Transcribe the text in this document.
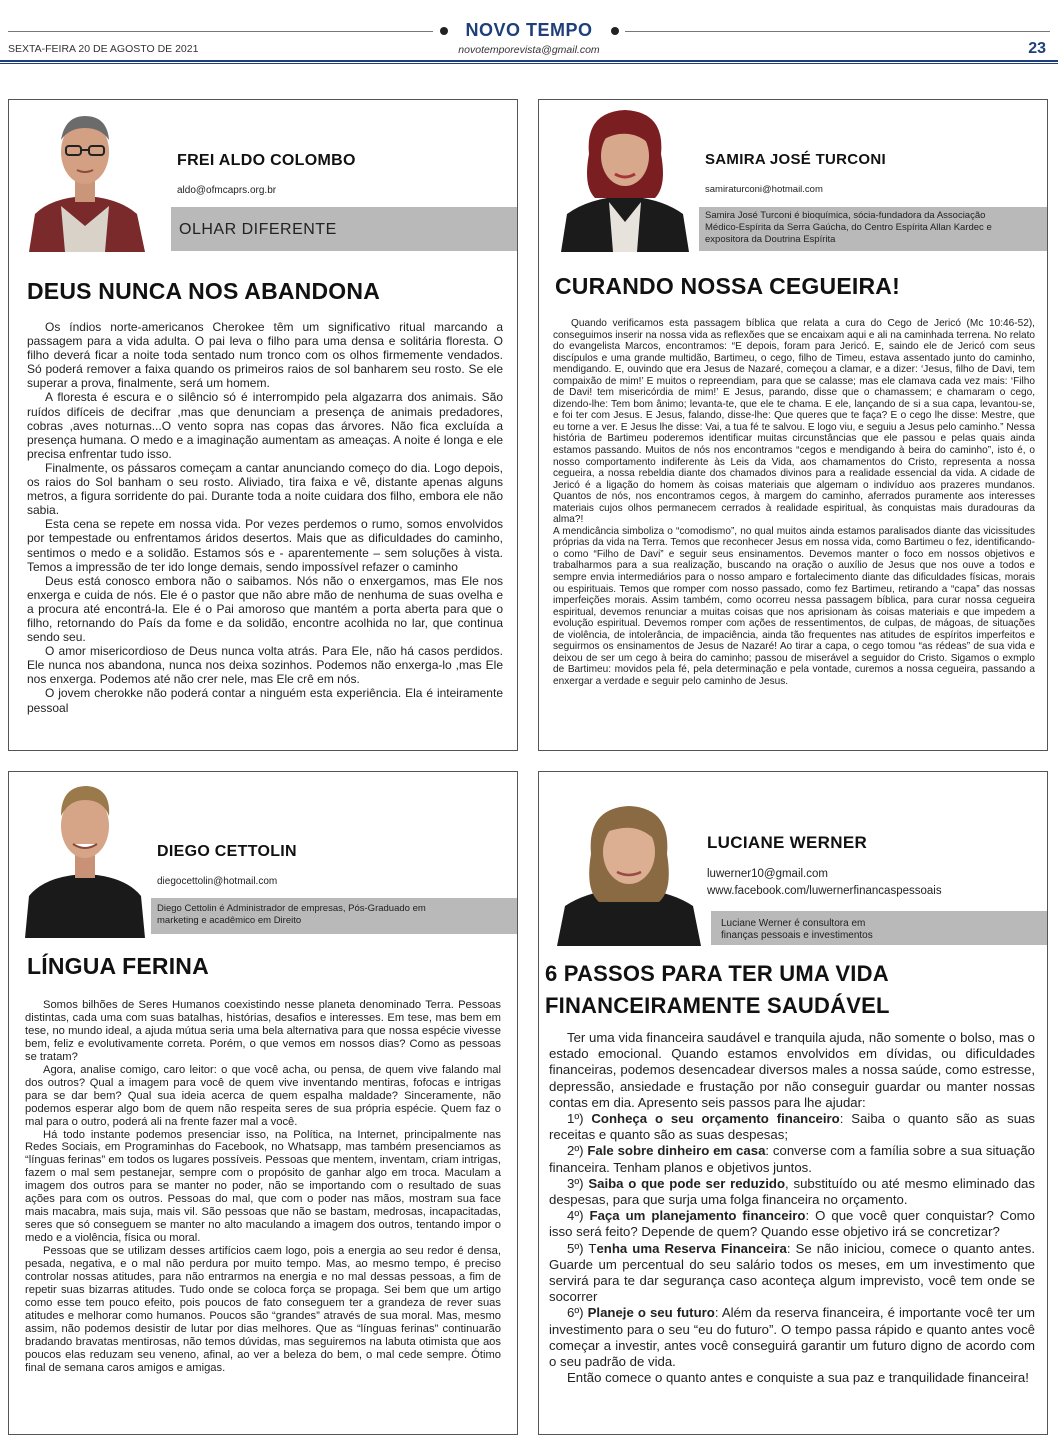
NOVO TEMPO
SEXTA-FEIRA 20 DE AGOSTO DE 2021	novotemporevista@gmail.com	23
FREI ALDO COLOMBO
aldo@ofmcaprs.org.br
OLHAR DIFERENTE
DEUS NUNCA NOS ABANDONA

Os índios norte-americanos Cherokee têm um significativo ritual marcando a passagem para a vida adulta. O pai leva o filho para uma densa e solitária floresta. O filho deverá ficar a noite toda sentado num tronco com os olhos firmemente vendados. Só poderá remover a faixa quando os primeiros raios de sol banharem seu rosto. Se ele superar a prova, finalmente, será um homem.

A floresta é escura e o silêncio só é interrompido pela algazarra dos animais. São ruídos difíceis de decifrar ,mas que denunciam a presença de animais predadores, cobras ,aves noturnas...O vento sopra nas copas das árvores. Não fica excluída a presença humana. O medo e a imaginação aumentam as ameaças. A noite é longa e ele precisa enfrentar tudo isso.

Finalmente, os pássaros começam a cantar anunciando começo do dia. Logo depois, os raios do Sol banham o seu rosto. Aliviado, tira faixa e vê, distante apenas alguns metros, a figura sorridente do pai. Durante toda a noite cuidara dos filho, embora ele não sabia.

Esta cena se repete em nossa vida. Por vezes perdemos o rumo, somos envolvidos por tempestade ou enfrentamos áridos desertos. Mais que as dificuldades do caminho, sentimos o medo e a solidão. Estamos sós e - aparentemente – sem soluções à vista. Temos a impressão de ter ido longe demais, sendo impossível refazer o caminho

Deus está conosco embora não o saibamos. Nós não o enxergamos, mas Ele nos enxerga e cuida de nós. Ele é o pastor que não abre mão de nenhuma de suas ovelha e a procura até encontrá-la. Ele é o Pai amoroso que mantém a porta aberta para que o filho, retornando do País da fome e da solidão, encontre acolhida no lar, que continua sendo seu.

O amor misericordioso de Deus nunca volta atrás. Para Ele, não há casos perdidos. Ele nunca nos abandona, nunca nos deixa sozinhos. Podemos não enxerga-lo ,mas Ele nos enxerga. Podemos até não crer nele, mas Ele crê em nós.

O jovem cherokke não poderá contar a ninguém esta experiência. Ela é inteiramente pessoal

SAMIRA JOSÉ TURCONI
samiraturconi@hotmail.com
Samira José Turconi é bioquímica, sócia-fundadora da Associação Médico-Espírita da Serra Gaúcha, do Centro Espírita Allan Kardec e expositora da Doutrina Espírita
CURANDO NOSSA CEGUEIRA!

Quando verificamos esta passagem bíblica que relata a cura do Cego de Jericó (Mc 10:46-52), conseguimos inserir na nossa vida as reflexões que se encaixam aqui e ali na caminhada terrena. No relato do evangelista Marcos, encontramos: “E depois, foram para Jericó. E, saindo ele de Jericó com seus discípulos e uma grande multidão, Bartimeu, o cego, filho de Timeu, estava assentado junto do caminho, mendigando. E, ouvindo que era Jesus de Nazaré, começou a clamar, e a dizer: ‘Jesus, filho de Davi, tem compaixão de mim!’ E muitos o repreendiam, para que se calasse; mas ele clamava cada vez mais: ‘Filho de Davi! tem misericórdia de mim!’ E Jesus, parando, disse que o chamassem; e chamaram o cego, dizendo-lhe: Tem bom ânimo; levanta-te, que ele te chama. E ele, lançando de si a sua capa, levantou-se, e foi ter com Jesus. E Jesus, falando, disse-lhe: Que queres que te faça? E o cego lhe disse: Mestre, que eu torne a ver. E Jesus lhe disse: Vai, a tua fé te salvou. E logo viu, e seguiu a Jesus pelo caminho.” Nessa história de Bartimeu poderemos identificar muitas circunstâncias que ele passou e pelas quais ainda estamos passando. Muitos de nós nos encontramos “cegos e mendigando à beira do caminho”, isto é, o nosso comportamento indiferente às Leis da Vida, aos chamamentos do Cristo, representa a nossa cegueira, a nossa rebeldia diante dos chamados divinos para a realidade essencial da vida. A cidade de Jericó é a ligação do homem às coisas materiais que algemam o indivíduo aos prazeres mundanos. Quantos de nós, nos encontramos cegos, à margem do caminho, aferrados puramente aos interesses materiais cujos olhos permanecem cerrados à realidade espiritual, às conquistas mais duradouras da alma?!

A mendicância simboliza o “comodismo”, no qual muitos ainda estamos paralisados diante das vicissitudes próprias da vida na Terra. Temos que reconhecer Jesus em nossa vida, como Bartimeu o fez, identificando-o como “Filho de Davi” e seguir seus ensinamentos. Devemos manter o foco em nossos objetivos e trabalharmos para a sua realização, buscando na oração o auxílio de Jesus que nos ouve a todos e sempre envia intermediários para o nosso amparo e fortalecimento diante das dificuldades físicas, morais ou espirituais. Temos que romper com nosso passado, como fez Bartimeu, retirando a “capa” das nossas imperfeições morais. Assim também, como ocorreu nessa passagem bíblica, para curar nossa cegueira espiritual, devemos renunciar a muitas coisas que nos aprisionam às coisas materiais e que impedem a evolução espiritual. Devemos romper com ações de ressentimentos, de culpas, de mágoas, de situações de violência, de intolerância, de impaciência, ainda tão frequentes nas atitudes de espíritos imperfeitos e seguirmos os ensinamentos de Jesus de Nazaré! Ao tirar a capa, o cego tomou “as rédeas” de sua vida e deixou de ser um cego à beira do caminho; passou de miserável a seguidor do Cristo. Sigamos o exmplo de Bartimeu: movidos pela fé, pela determinação e pela vontade, curemos a nossa cegueira, passando a enxergar a verdade e seguir pelo caminho de Jesus.

DIEGO CETTOLIN
diegocettolin@hotmail.com
Diego Cettolin é Administrador de empresas, Pós-Graduado em marketing e acadêmico em Direito
LÍNGUA FERINA

Somos bilhões de Seres Humanos coexistindo nesse planeta denominado Terra. Pessoas distintas, cada uma com suas batalhas, histórias, desafios e interesses. Em tese, mas bem em tese, no mundo ideal, a ajuda mútua seria uma bela alternativa para que nossa espécie vivesse bem, feliz e evolutivamente correta. Porém, o que vemos em nossos dias? Como as pessoas se tratam?

Agora, analise comigo, caro leitor: o que você acha, ou pensa, de quem vive falando mal dos outros? Qual a imagem para você de quem vive inventando mentiras, fofocas e intrigas para se dar bem? Qual sua ideia acerca de quem espalha maldade? Sinceramente, não podemos esperar algo bom de quem não respeita seres de sua própria espécie. Quem faz o mal para o outro, poderá ali na frente fazer mal a você.

Há todo instante podemos presenciar isso, na Política, na Internet, principalmente nas Redes Sociais, em Programinhas do Facebook, no Whatsapp, mas também presenciamos as “línguas ferinas” em todos os lugares possíveis. Pessoas que mentem, inventam, criam intrigas, fazem o mal sem pestanejar, sempre com o propósito de ganhar algo em troca. Maculam a imagem dos outros para se manter no poder, não se importando com o resultado de suas ações para com os outros. Pessoas do mal, que com o poder nas mãos, mostram sua face mais macabra, mais suja, mais vil. São pessoas que não se bastam, medrosas, incapacitadas, seres que só conseguem se manter no alto maculando a imagem dos outros, tentando impor o medo e a violência, física ou moral.

Pessoas que se utilizam desses artifícios caem logo, pois a energia ao seu redor é densa, pesada, negativa, e o mal não perdura por muito tempo. Mas, ao mesmo tempo, é preciso controlar nossas atitudes, para não entrarmos na energia e no mal dessas pessoas, a fim de repetir suas bizarras atitudes. Tudo onde se coloca força se propaga. Sei bem que um artigo como esse tem pouco efeito, pois poucos de fato conseguem ter a grandeza de rever suas atitudes e melhorar como humanos. Poucos são “grandes” através de sua moral. Mas, mesmo assim, não podemos desistir de lutar por dias melhores. Que as “línguas ferinas” continuarão bradando bravatas mentirosas, não temos dúvidas, mas seguiremos na labuta otimista que aos poucos elas reduzam seu veneno, afinal, ao ver a beleza do bem, o mal cede sempre. Ótimo final de semana caros amigos e amigas.

LUCIANE WERNER
luwerner10@gmail.com
www.facebook.com/luwernerfinancaspessoais
Luciane Werner é consultora em finanças pessoais e investimentos
6 PASSOS PARA TER UMA VIDA
FINANCEIRAMENTE SAUDÁVEL

Ter uma vida financeira saudável e tranquila ajuda, não somente o bolso, mas o estado emocional. Quando estamos envolvidos em dívidas, ou dificuldades financeiras, podemos desencadear diversos males a nossa saúde, como estresse, depressão, ansiedade e frustação por não conseguir guardar ou manter nossas contas em dia. Apresento seis passos para lhe ajudar:

1º) Conheça o seu orçamento financeiro: Saiba o quanto são as suas receitas e quanto são as suas despesas;

2º) Fale sobre dinheiro em casa: converse com a família sobre a sua situação financeira. Tenham planos e objetivos juntos.

3º) Saiba o que pode ser reduzido, substituído ou até mesmo eliminado das despesas, para que surja uma folga financeira no orçamento.

4º) Faça um planejamento financeiro: O que você quer conquistar? Como isso será feito? Depende de quem? Quando esse objetivo irá se concretizar?

5º) Tenha uma Reserva Financeira: Se não iniciou, comece o quanto antes. Guarde um percentual do seu salário todos os meses, em um investimento que servirá para te dar segurança caso aconteça algum imprevisto, você tem onde se socorrer

6º) Planeje o seu futuro: Além da reserva financeira, é importante você ter um investimento para o seu “eu do futuro”. O tempo passa rápido e quanto antes você começar a investir, antes você conseguirá garantir um futuro digno de acordo com o seu padrão de vida.

Então comece o quanto antes e conquiste a sua paz e tranquilidade financeira!
